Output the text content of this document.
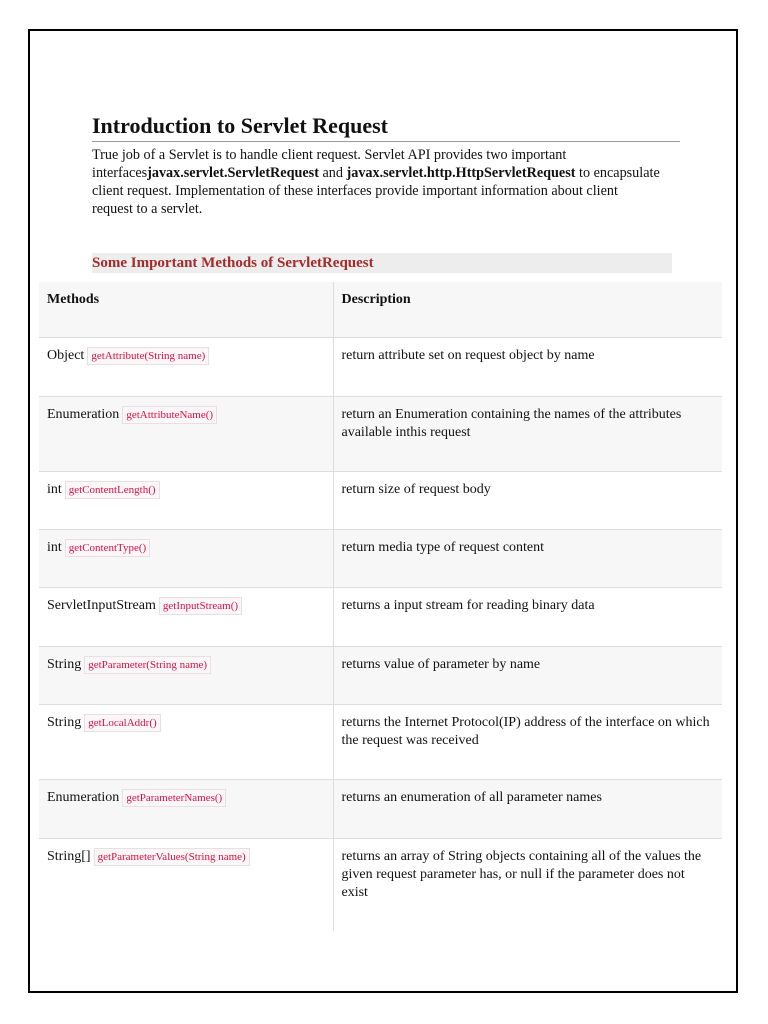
Introduction to Servlet Request
True job of a Servlet is to handle client request. Servlet API provides two important interfacesjavax.servlet.ServletRequest and javax.servlet.http.HttpServletRequest to encapsulate client request. Implementation of these interfaces provide important information about client request to a servlet.
Some Important Methods of ServletRequest
Methods	Description

Object getAttribute(String name)	return attribute set on request object by name

Enumeration getAttributeName()	return an Enumeration containing the names of the attributes available inthis request

int getContentLength()	return size of request body

int getContentType()	return media type of request content

ServletInputStream getInputStream()	returns a input stream for reading binary data

String getParameter(String name)	returns value of parameter by name

String getLocalAddr()	returns the Internet Protocol(IP) address of the interface on which the request was received

Enumeration getParameterNames()	returns an enumeration of all parameter names

String[] getParameterValues(String name)	returns an array of String objects containing all of the values the given request parameter has, or null if the parameter does not exist
